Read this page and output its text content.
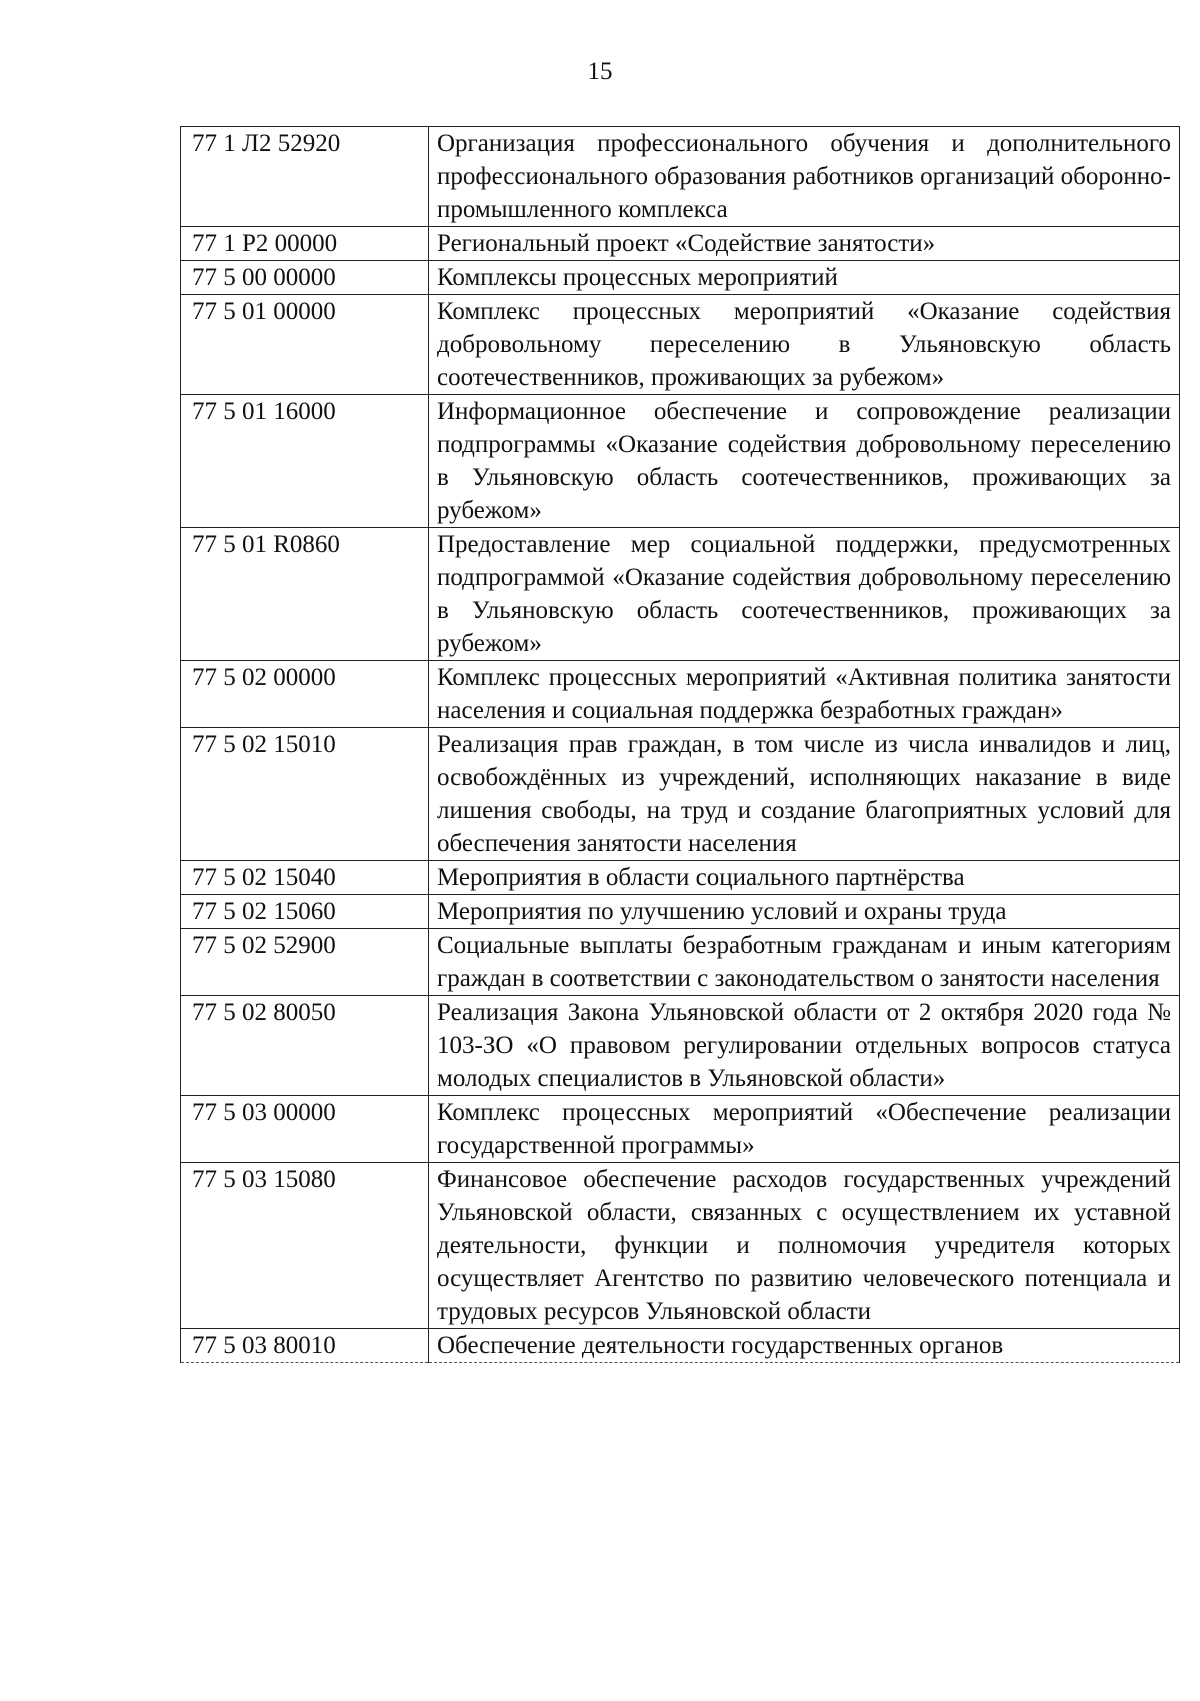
15
77 1 Л2 52920	Организация профессионального обучения и дополнительного профессионального образования работников организаций оборонно-промышленного комплекса
77 1 Р2 00000	Региональный проект «Содействие занятости»
77 5 00 00000	Комплексы процессных мероприятий
77 5 01 00000	Комплекс процессных мероприятий «Оказание содействия добровольному переселению в Ульяновскую область соотечественников, проживающих за рубежом»
77 5 01 16000	Информационное обеспечение и сопровождение реализации подпрограммы «Оказание содействия добровольному переселению в Ульяновскую область соотечественников, проживающих за рубежом»
77 5 01 R0860	Предоставление мер социальной поддержки, предусмотренных подпрограммой «Оказание содействия добровольному переселению в Ульяновскую область соотечественников, проживающих за рубежом»
77 5 02 00000	Комплекс процессных мероприятий «Активная политика занятости населения и социальная поддержка безработных граждан»
77 5 02 15010	Реализация прав граждан, в том числе из числа инвалидов и лиц, освобождённых из учреждений, исполняющих наказание в виде лишения свободы, на труд и создание благоприятных условий для обеспечения занятости населения
77 5 02 15040	Мероприятия в области социального партнёрства
77 5 02 15060	Мероприятия по улучшению условий и охраны труда
77 5 02 52900	Социальные выплаты безработным гражданам и иным категориям граждан в соответствии с законодательством о занятости населения
77 5 02 80050	Реализация Закона Ульяновской области от 2 октября 2020 года № 103-ЗО «О правовом регулировании отдельных вопросов статуса молодых специалистов в Ульяновской области»
77 5 03 00000	Комплекс процессных мероприятий «Обеспечение реализации государственной программы»
77 5 03 15080	Финансовое обеспечение расходов государственных учреждений Ульяновской области, связанных с осуществлением их уставной деятельности, функции и полномочия учредителя которых осуществляет Агентство по развитию человеческого потенциала и трудовых ресурсов Ульяновской области
77 5 03 80010	Обеспечение деятельности государственных органов
